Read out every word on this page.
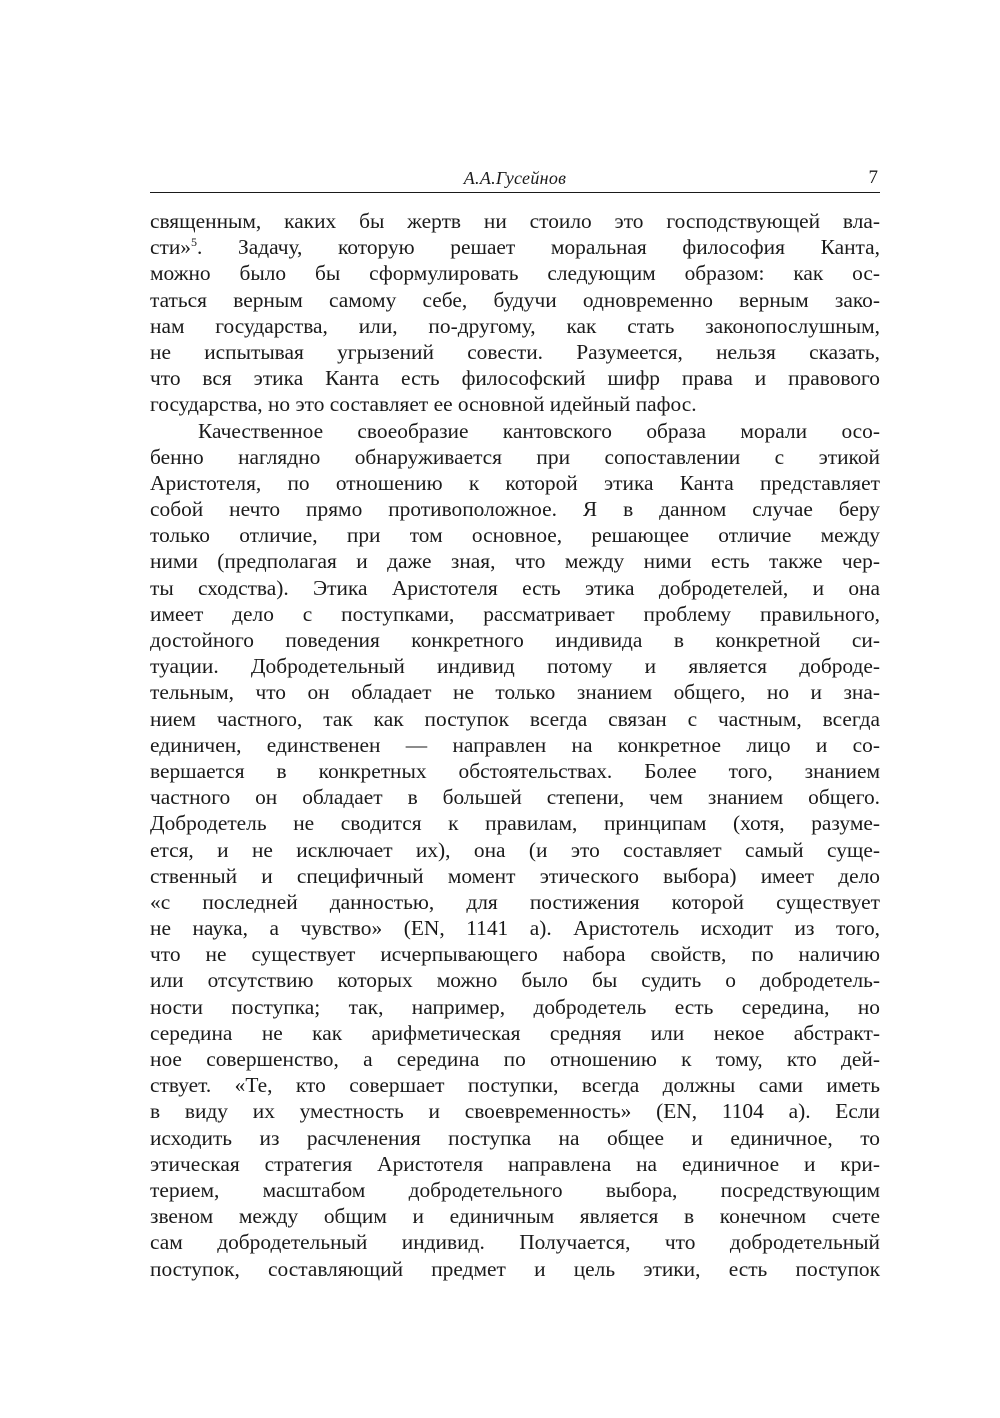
А.А.Гусейнов	7
священным, каких бы жертв ни стоило это господствующей вла-
сти»$^5$. Задачу, которую решает моральная философия Канта,
можно было бы сформулировать следующим образом: как ос-
таться верным самому себе, будучи одновременно верным зако-
нам государства, или, по-другому, как стать законопослушным,
не испытывая угрызений совести. Разумеется, нельзя сказать,
что вся этика Канта есть философский шифр права и правового
государства, но это составляет ее основной идейный пафос.
Качественное своеобразие кантовского образа морали осо-
бенно наглядно обнаруживается при сопоставлении с этикой
Аристотеля, по отношению к которой этика Канта представляет
собой нечто прямо противоположное. Я в данном случае беру
только отличие, при том основное, решающее отличие между
ними (предполагая и даже зная, что между ними есть также чер-
ты сходства). Этика Аристотеля есть этика добродетелей, и она
имеет дело с поступками, рассматривает проблему правильного,
достойного поведения конкретного индивида в конкретной си-
туации. Добродетельный индивид потому и является доброде-
тельным, что он обладает не только знанием общего, но и зна-
нием частного, так как поступок всегда связан с частным, всегда
единичен, единственен — направлен на конкретное лицо и со-
вершается в конкретных обстоятельствах. Более того, знанием
частного он обладает в большей степени, чем знанием общего.
Добродетель не сводится к правилам, принципам (хотя, разуме-
ется, и не исключает их), она (и это составляет самый суще-
ственный и специфичный момент этического выбора) имеет дело
«с последней данностью, для постижения которой существует
не наука, а чувство» (EN, 1141 a). Аристотель исходит из того,
что не существует исчерпывающего набора свойств, по наличию
или отсутствию которых можно было бы судить о добродетель-
ности поступка; так, например, добродетель есть середина, но
середина не как арифметическая средняя или некое абстракт-
ное совершенство, а середина по отношению к тому, кто дей-
ствует. «Те, кто совершает поступки, всегда должны сами иметь
в виду их уместность и своевременность» (EN, 1104 a). Если
исходить из расчленения поступка на общее и единичное, то
этическая стратегия Аристотеля направлена на единичное и кри-
терием, масштабом добродетельного выбора, посредствующим
звеном между общим и единичным является в конечном счете
сам добродетельный индивид. Получается, что добродетельный
поступок, составляющий предмет и цель этики, есть поступок
